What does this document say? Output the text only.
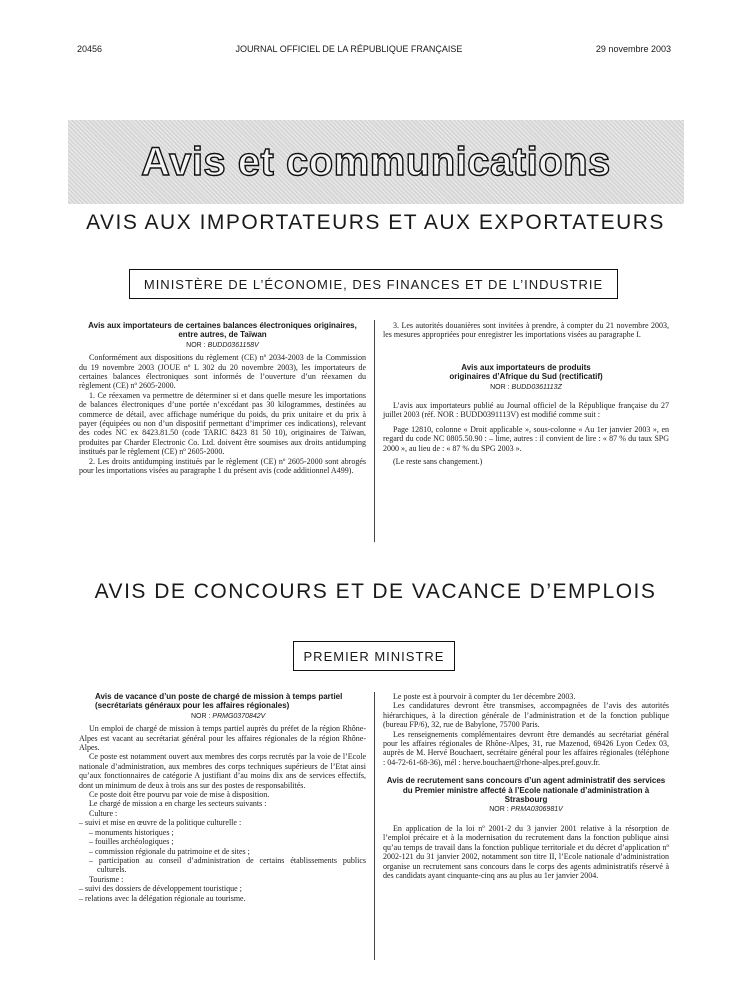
20456	JOURNAL OFFICIEL DE LA RÉPUBLIQUE FRANÇAISE	29 novembre 2003
Avis et communications
AVIS AUX IMPORTATEURS ET AUX EXPORTATEURS
MINISTÈRE DE L’ÉCONOMIE, DES FINANCES ET DE L’INDUSTRIE

Avis aux importateurs de certaines balances électroniques originaires, entre autres, de Taïwan

NOR : BUDD0361158V

Conformément aux dispositions du règlement (CE) nº 2034-2003 de la Commission du 19 novembre 2003 (JOUE nº L 302 du 20 novembre 2003), les importateurs de certaines balances électroniques sont informés de l’ouverture d’un réexamen du règlement (CE) nº 2605-2000.

1. Ce réexamen va permettre de déterminer si et dans quelle mesure les importations de balances électroniques d’une portée n’excédant pas 30 kilogrammes, destinées au commerce de détail, avec affichage numérique du poids, du prix unitaire et du prix à payer (équipées ou non d’un dispositif permettant d’imprimer ces indications), relevant des codes NC ex 8423.81.50 (code TARIC 8423 81 50 10), originaires de Taïwan, produites par Charder Electronic Co. Ltd. doivent être soumises aux droits antidumping institués par le règlement (CE) nº 2605-2000.

2. Les droits antidumping institués par le règlement (CE) nº 2605-2000 sont abrogés pour les importations visées au paragraphe 1 du présent avis (code additionnel A499).

3. Les autorités douanières sont invitées à prendre, à compter du 21 novembre 2003, les mesures appropriées pour enregistrer les importations visées au paragraphe I.

Avis aux importateurs de produits originaires d’Afrique du Sud (rectificatif)

NOR : BUDD0361113Z

L’avis aux importateurs publié au Journal officiel de la République française du 27 juillet 2003 (réf. NOR : BUDD0391113V) est modifié comme suit :

Page 12810, colonne « Droit applicable », sous-colonne « Au 1er janvier 2003 », en regard du code NC 0805.50.90 : – lime, autres : il convient de lire : « 87 % du taux SPG 2000 », au lieu de : « 87 % du SPG 2003 ».

(Le reste sans changement.)

AVIS DE CONCOURS ET DE VACANCE D’EMPLOIS
PREMIER MINISTRE

Avis de vacance d’un poste de chargé de mission à temps partiel (secrétariats généraux pour les affaires régionales)

NOR : PRMG0370842V

Un emploi de chargé de mission à temps partiel auprès du préfet de la région Rhône-Alpes est vacant au secrétariat général pour les affaires régionales de la région Rhône-Alpes.

Ce poste est notamment ouvert aux membres des corps recrutés par la voie de l’Ecole nationale d’administration, aux membres des corps techniques supérieurs de l’Etat ainsi qu’aux fonctionnaires de catégorie A justifiant d’au moins dix ans de services effectifs, dont un minimum de deux à trois ans sur des postes de responsabilités.

Ce poste doit être pourvu par voie de mise à disposition.

Le chargé de mission a en charge les secteurs suivants :

Culture :

– suivi et mise en œuvre de la politique culturelle :
– monuments historiques ;
– fouilles archéologiques ;
– commission régionale du patrimoine et de sites ;
– participation au conseil d’administration de certains établissements publics culturels.

Tourisme :

– suivi des dossiers de développement touristique ;
– relations avec la délégation régionale au tourisme.

Le poste est à pourvoir à compter du 1er décembre 2003.

Les candidatures devront être transmises, accompagnées de l’avis des autorités hiérarchiques, à la direction générale de l’administration et de la fonction publique (bureau FP/6), 32, rue de Babylone, 75700 Paris.

Les renseignements complémentaires devront être demandés au secrétariat général pour les affaires régionales de Rhône-Alpes, 31, rue Mazenod, 69426 Lyon Cedex 03, auprès de M. Hervé Bouchaert, secrétaire général pour les affaires régionales (téléphone : 04-72-61-68-36), mél : herve.bouchaert@rhone-alpes.pref.gouv.fr.

Avis de recrutement sans concours d’un agent administratif des services du Premier ministre affecté à l’Ecole nationale d’administration à Strasbourg

NOR : PRMA0306981V

En application de la loi nº 2001-2 du 3 janvier 2001 relative à la résorption de l’emploi précaire et à la modernisation du recrutement dans la fonction publique ainsi qu’au temps de travail dans la fonction publique territoriale et du décret d’application nº 2002-121 du 31 janvier 2002, notamment son titre II, l’Ecole nationale d’administration organise un recrutement sans concours dans le corps des agents administratifs réservé à des candidats ayant cinquante-cinq ans au plus au 1er janvier 2004.
